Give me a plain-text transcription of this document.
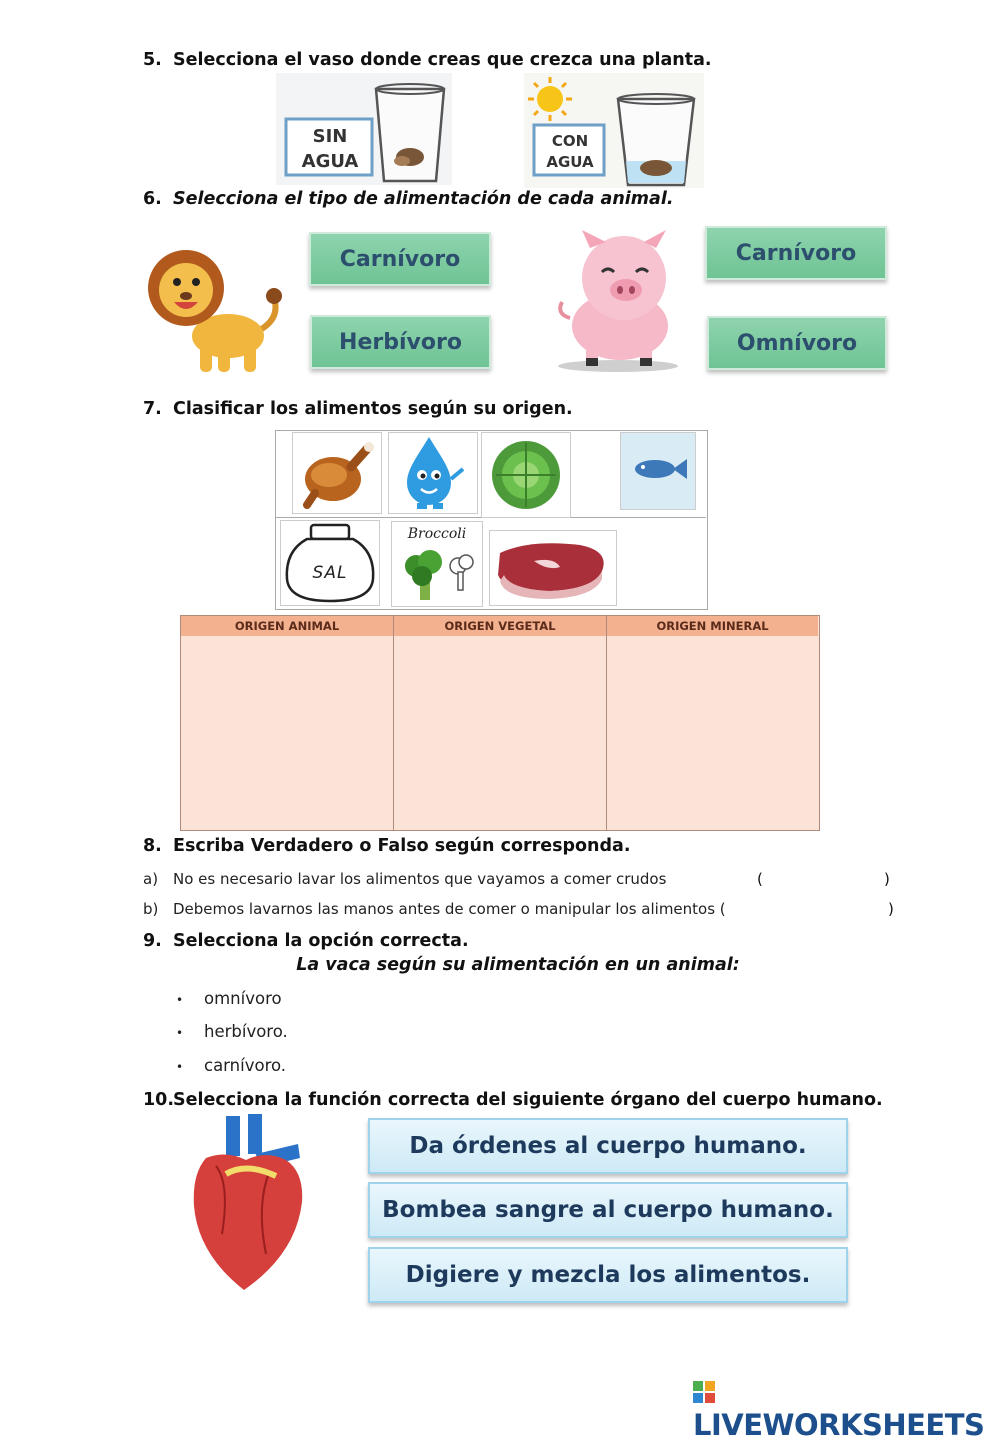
5. Selecciona el vaso donde creas que crezca una planta.
SIN
AGUA
CON
AGUA
6. Selecciona el tipo de alimentación de cada animal.
Carnívoro
Herbívoro
Carnívoro
Omnívoro
7. Clasificar los alimentos según su origen.
SAL
Broccoli
ORIGEN ANIMAL	ORIGEN VEGETAL	ORIGEN MINERAL
8. Escriba Verdadero o Falso según corresponda.
a) No es necesario lavar los alimentos que vayamos a comer crudos	(	)
b) Debemos lavarnos las manos antes de comer o manipular los alimentos (	)
9. Selecciona la opción correcta.
La vaca según su alimentación en un animal:
• omnívoro
• herbívoro.
• carnívoro.
10.Selecciona la función correcta del siguiente órgano del cuerpo humano.
Da órdenes al cuerpo humano.
Bombea sangre al cuerpo humano.
Digiere y mezcla los alimentos.
LIVEWORKSHEETS
